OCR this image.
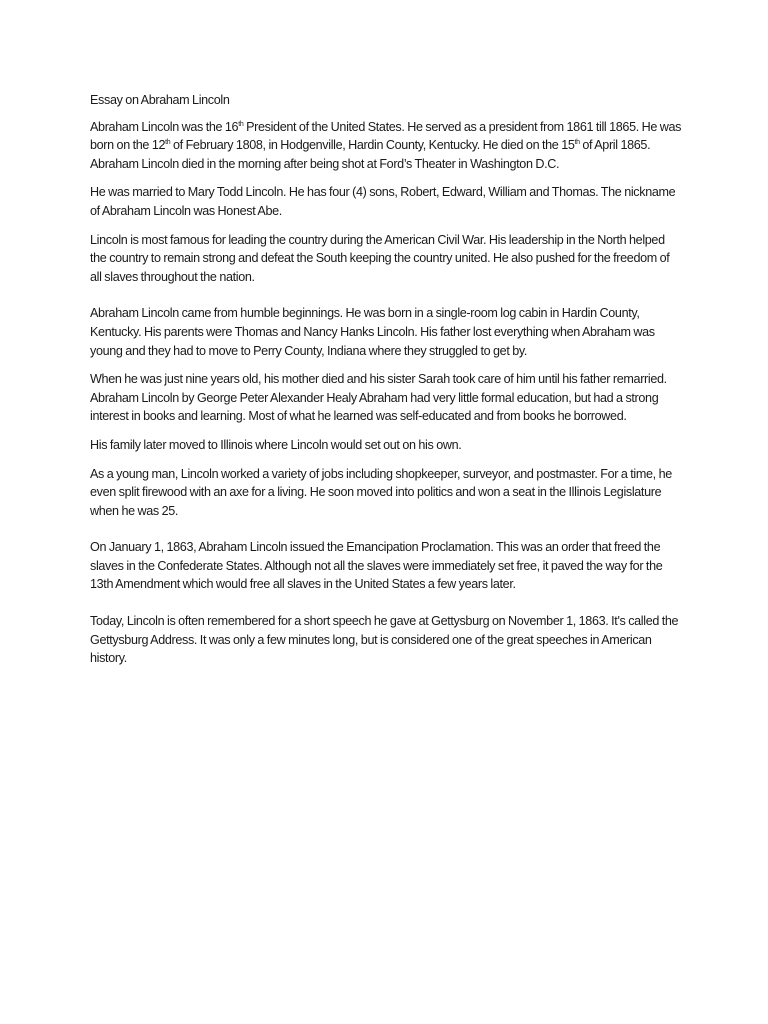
Essay on Abraham Lincoln

Abraham Lincoln was the 16th President of the United States. He served as a president from 1861 till 1865. He was born on the 12th of February 1808, in Hodgenville, Hardin County, Kentucky. He died on the 15th of April 1865. Abraham Lincoln died in the morning after being shot at Ford’s Theater in Washington D.C.

He was married to Mary Todd Lincoln. He has four (4) sons, Robert, Edward, William and Thomas. The nickname of Abraham Lincoln was Honest Abe.

Lincoln is most famous for leading the country during the American Civil War. His leadership in the North helped the country to remain strong and defeat the South keeping the country united. He also pushed for the freedom of all slaves throughout the nation.

Abraham Lincoln came from humble beginnings. He was born in a single-room log cabin in Hardin County, Kentucky. His parents were Thomas and Nancy Hanks Lincoln. His father lost everything when Abraham was young and they had to move to Perry County, Indiana where they struggled to get by.

When he was just nine years old, his mother died and his sister Sarah took care of him until his father remarried. Abraham Lincoln by George Peter Alexander Healy Abraham had very little formal education, but had a strong interest in books and learning. Most of what he learned was self-educated and from books he borrowed.

His family later moved to Illinois where Lincoln would set out on his own.

As a young man, Lincoln worked a variety of jobs including shopkeeper, surveyor, and postmaster. For a time, he even split firewood with an axe for a living. He soon moved into politics and won a seat in the Illinois Legislature when he was 25.

On January 1, 1863, Abraham Lincoln issued the Emancipation Proclamation. This was an order that freed the slaves in the Confederate States. Although not all the slaves were immediately set free, it paved the way for the 13th Amendment which would free all slaves in the United States a few years later.

Today, Lincoln is often remembered for a short speech he gave at Gettysburg on November 1, 1863. It's called the Gettysburg Address. It was only a few minutes long, but is considered one of the great speeches in American history.
